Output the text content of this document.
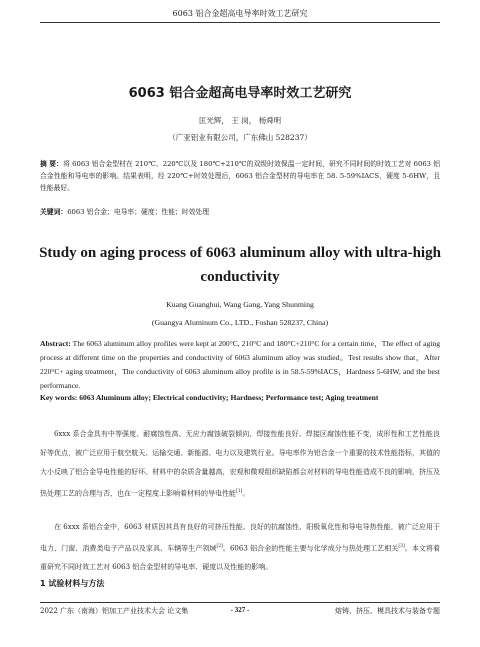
6063 铝合金超高电导率时效工艺研究
6063 铝合金超高电导率时效工艺研究
匡光辉， 王 岗， 杨舜明
（广亚铝业有限公司，广东佛山 528237）
摘 要：将 6063 铝合金型材在 210℃、220℃以及 180℃+210℃的双级时效保温一定时间，研究不同时间的时效工艺对 6063 铝合金性能和导电率的影响。结果表明，经 220℃+时效处理后，6063 铝合金型材的导电率在 58. 5-59%IACS，硬度 5-6HW，且性能最好。
关键词：6063 铝合金；电导率；硬度；性能；时效处理
Study on aging process of 6063 aluminum alloy with ultra-high
conductivity
Kuang Guanghui, Wang Gang, Yang Shunming
(Guangya Aluminum Co., LTD., Foshan 528237, China)
Abstract: The 6063 aluminum alloy profiles were kept at 200°C, 210°C and 180°C+210°C for a certain time，The effect of aging process at different time on the properties and conductivity of 6063 aluminum alloy was studied。Test results show that，After 220°C+ aging treatment，The conductivity of 6063 aluminum alloy profile is in 58.5-59%IACS，Hardness 5-6HW, and the best performance.
Key words: 6063 Aluminum alloy; Electrical conductivity; Hardness; Performance test; Aging treatment
6xxx 系合金具有中等强度、耐腐蚀性高、无应力腐蚀破裂倾向、焊接性能良好、焊接区腐蚀性能不变，成形性和工艺性能良好等优点，被广泛应用于航空航天、运输交通、新能源、电力以及建筑行业。导电率作为铝合金一个重要的技术性能指标，其值的大小反映了铝合金导电性能的好坏。材料中的杂质含量越高，宏观和微观组织缺陷都会对材料的导电性能造成不良的影响，挤压及热处理工艺的合理与否，也在一定程度上影响着材料的导电性能[1]。
在 6xxx 系铝合金中，6063 材质因其具有良好的可挤压性能、良好的抗腐蚀性、阳极氧化性和导电导热性能，被广泛应用于电力、门窗、消费类电子产品以及家具、车辆等生产领域[2]。6063 铝合金的性能主要与化学成分与热处理工艺相关[3]。本文将着重研究不同时效工艺对 6063 铝合金型材的导电率、硬度以及性能的影响。
1 试验材料与方法
2022 广东（南海）铝加工产业技术大会 论文集	- 327 -	熔铸、挤压、模具技术与装备专题
